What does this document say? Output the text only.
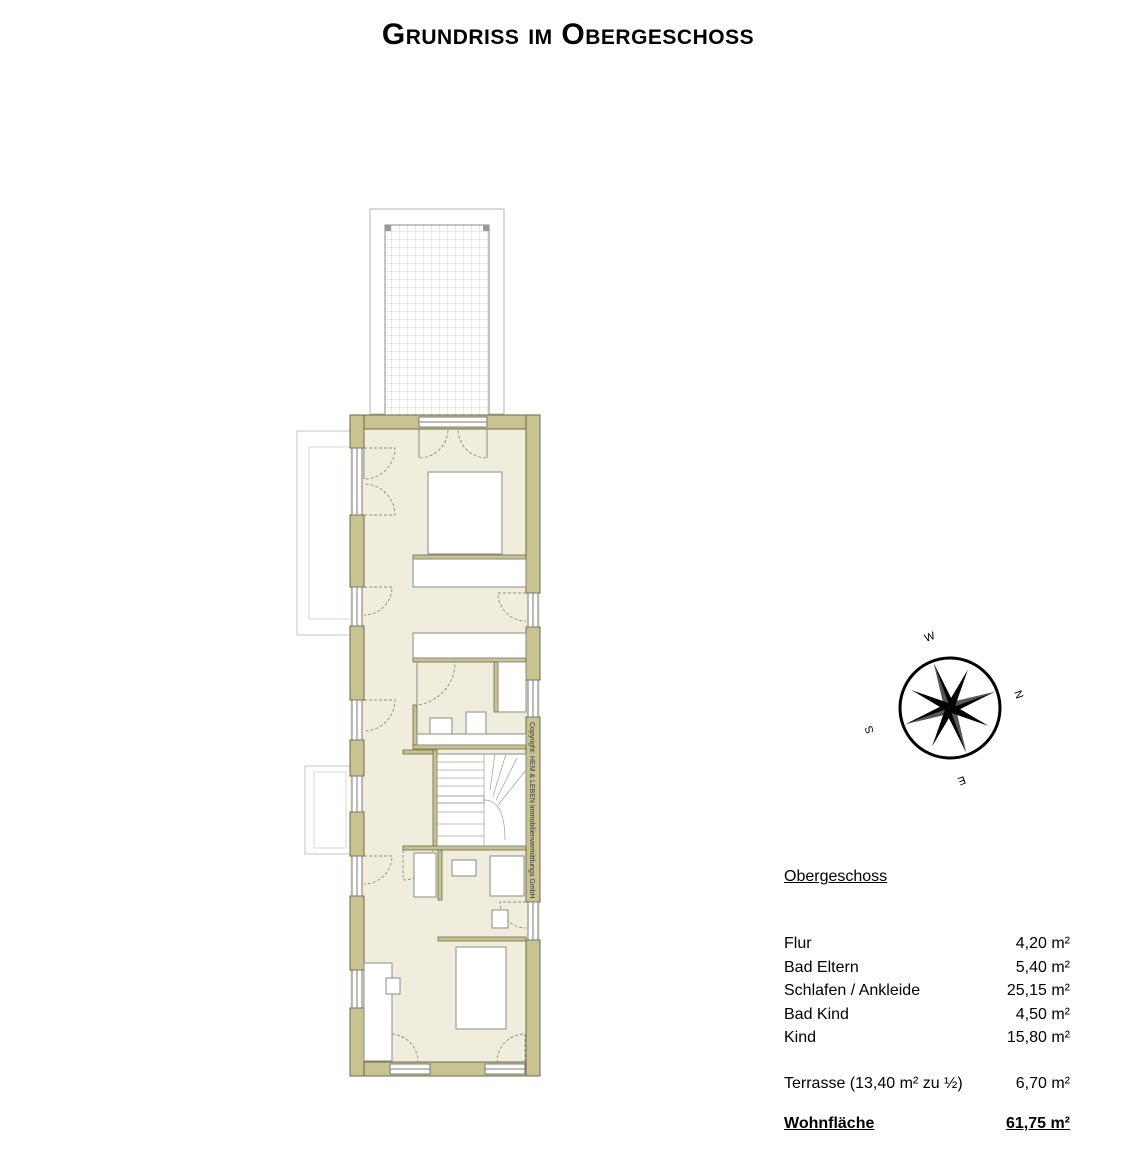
Grundriss im Obergeschoss
Copyright: HEM & LEBEN Immobilienvermittlungs GmbH
W
N
S
E
Obergeschoss
Flur	4,20 m²
Bad Eltern	5,40 m²
Schlafen / Ankleide	25,15 m²
Bad Kind	4,50 m²
Kind	15,80 m²
Terrasse (13,40 m² zu ½)	6,70 m²
Wohnfläche	61,75 m²
